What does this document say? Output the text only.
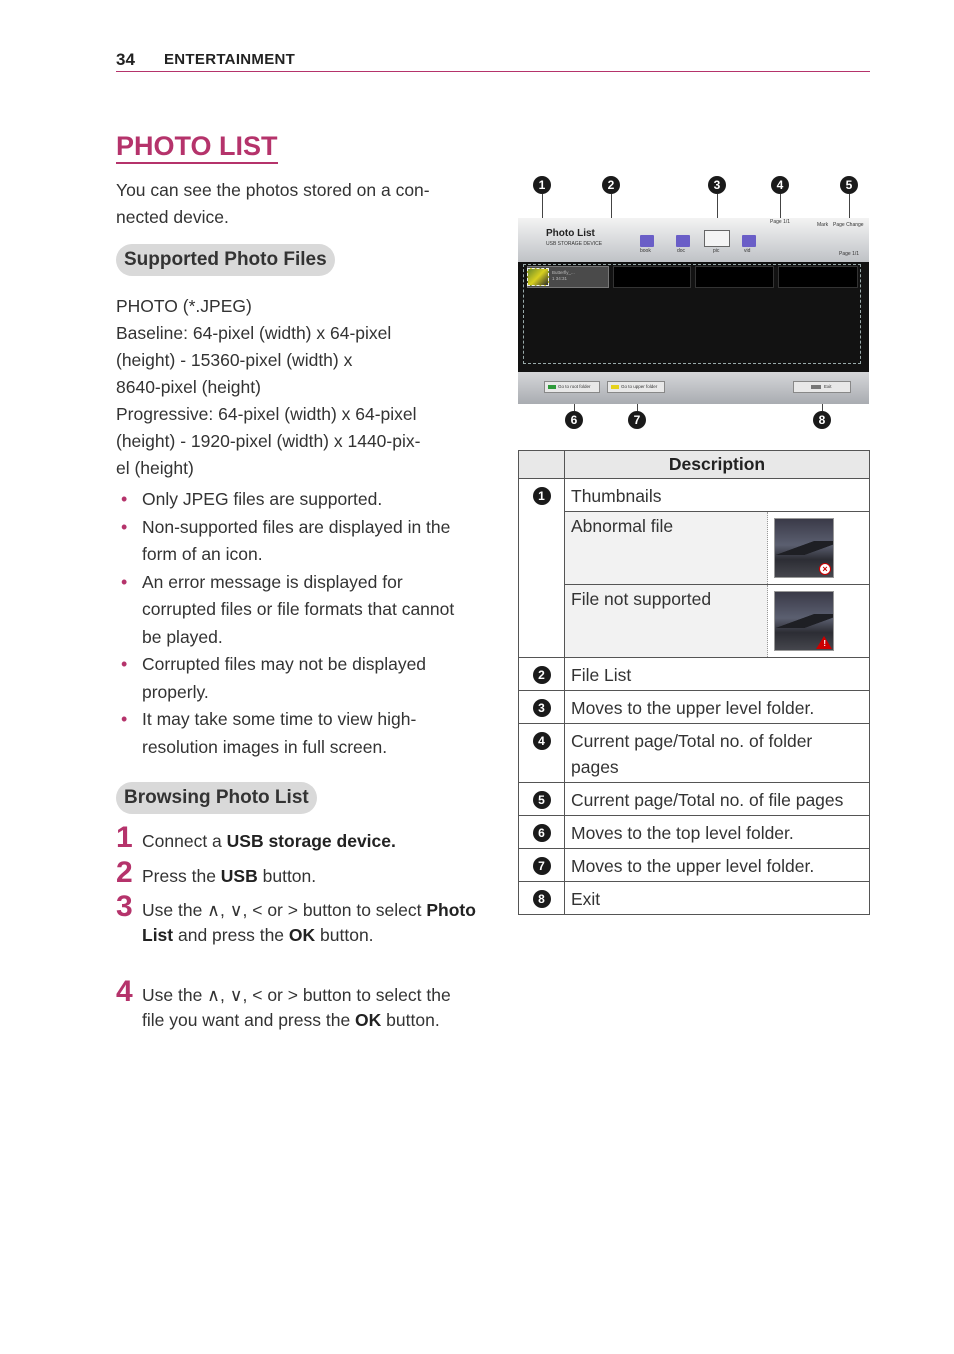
34 ENTERTAINMENT
PHOTO LIST
You can see the photos stored on a con-
nected device.
Supported Photo Files
PHOTO (*.JPEG)
Baseline: 64-pixel (width) x 64-pixel
(height) - 15360-pixel (width) x
8640-pixel (height)
Progressive: 64-pixel (width) x 64-pixel
(height) - 1920-pixel (width) x 1440-pix-
el (height)
• Only JPEG files are supported.
• Non-supported files are displayed in the form of an icon.
• An error message is displayed for corrupted files or file formats that cannot be played.
• Corrupted files may not be displayed properly.
• It may take some time to view high-resolution images in full screen.
Browsing Photo List
1 Connect a USB storage device.
2 Press the USB button.
3 Use the ∧, ∨, < or > button to select Photo List and press the OK button.
4 Use the ∧, ∨, < or > button to select the file you want and press the OK button.
1	2	3	4	5
6	7	8
Photo List
USB STORAGE DEVICE
book	doc	pic	vid
Page 1/1	Mark Page Change
Page 1/1
Butterfly_...
1 34:31
Go to root folder	Go to upper folder	Exit
	Description	
1	Thumbnails	
	Abnormal file	×

	File not supported	!

2	File List	
3	Moves to the upper level folder.	
4	Current page/Total no. of folder pages	
5	Current page/Total no. of file pages	
6	Moves to the top level folder.	
7	Moves to the upper level folder.	
8	Exit	
